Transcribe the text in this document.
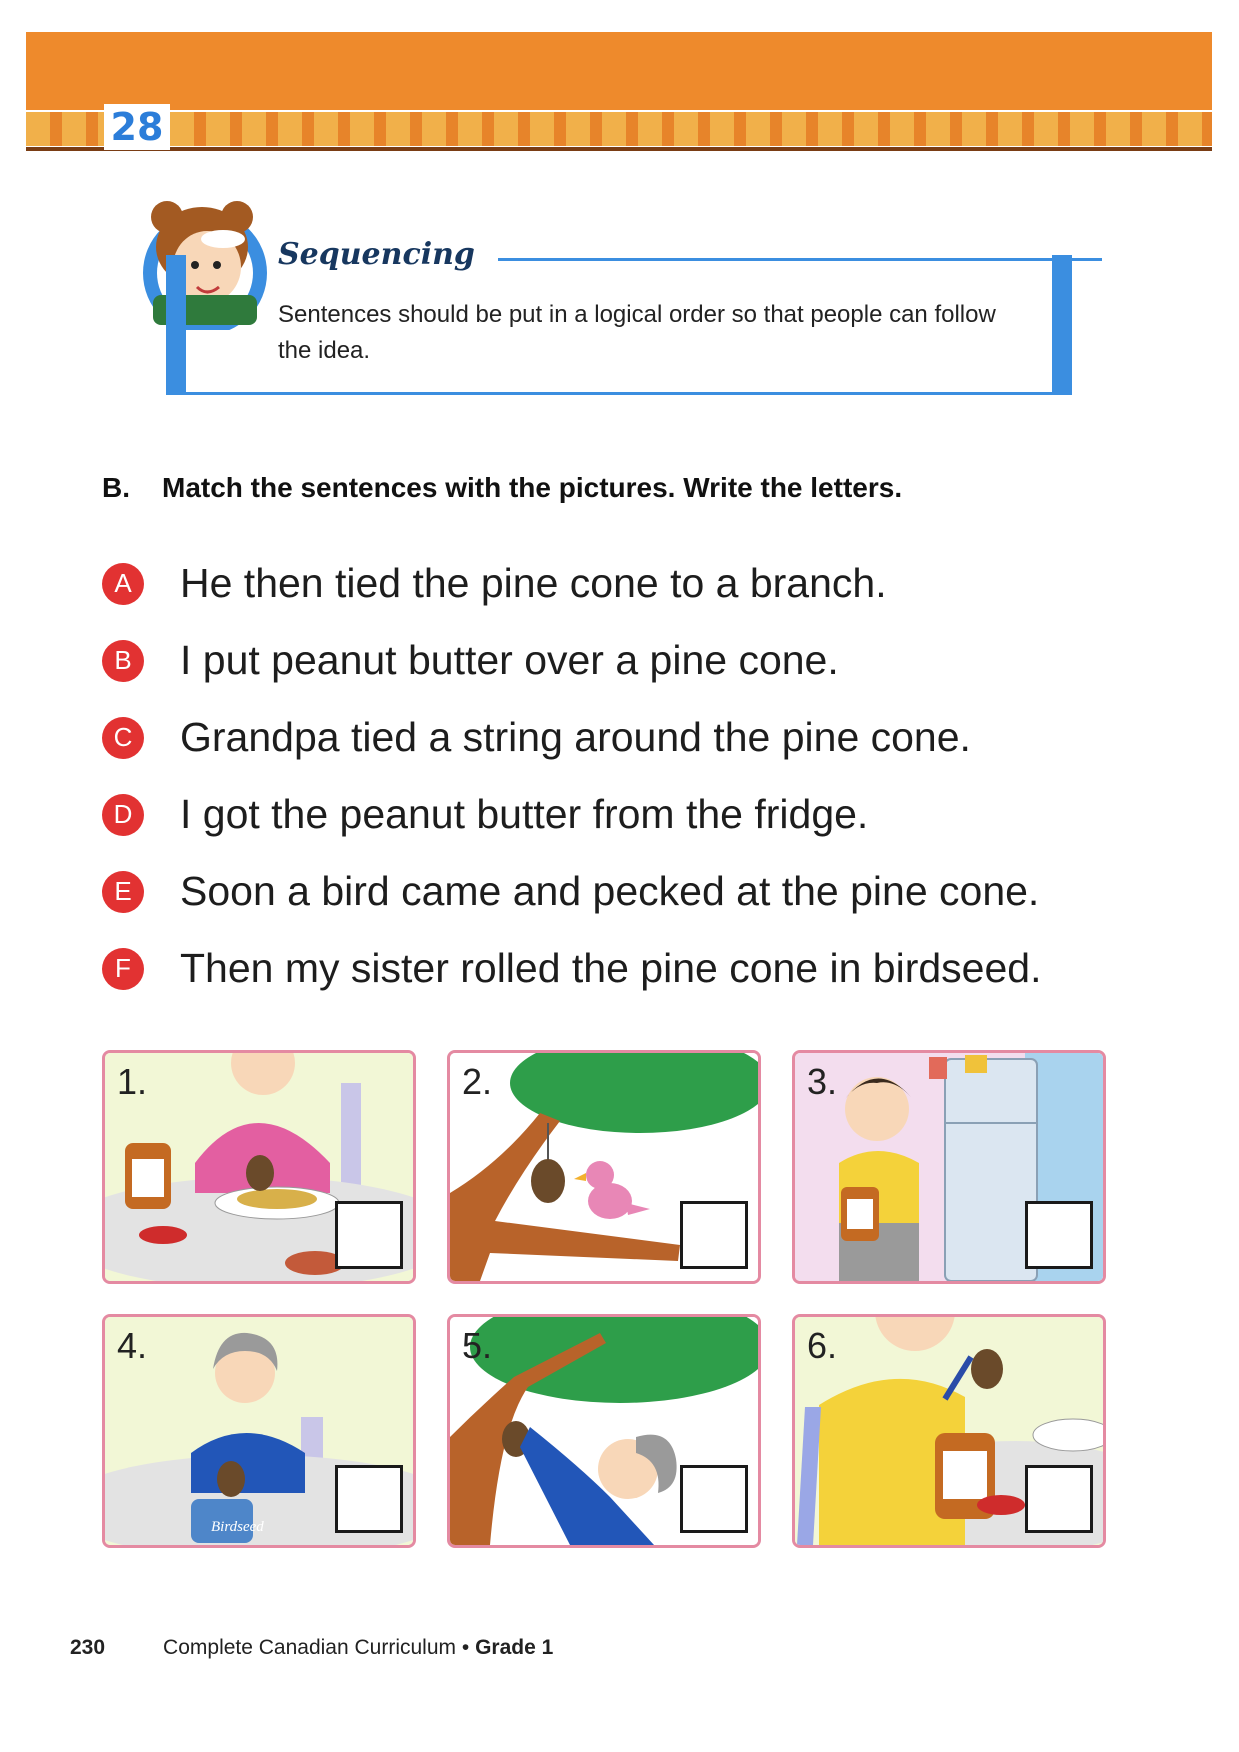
28
Sequencing
Sentences should be put in a logical order so that people can follow the idea.
B. Match the sentences with the pictures. Write the letters.
A	He then tied the pine cone to a branch.
B	I put peanut butter over a pine cone.
C Grandpa tied a string around the pine cone.
D I got the peanut butter from the fridge.
E	Soon a bird came and pecked at the pine cone.
F	Then my sister rolled the pine cone in birdseed.
1.	2.	3.
4.
Birdseed
5.	6.
230	Complete Canadian Curriculum • Grade 1
